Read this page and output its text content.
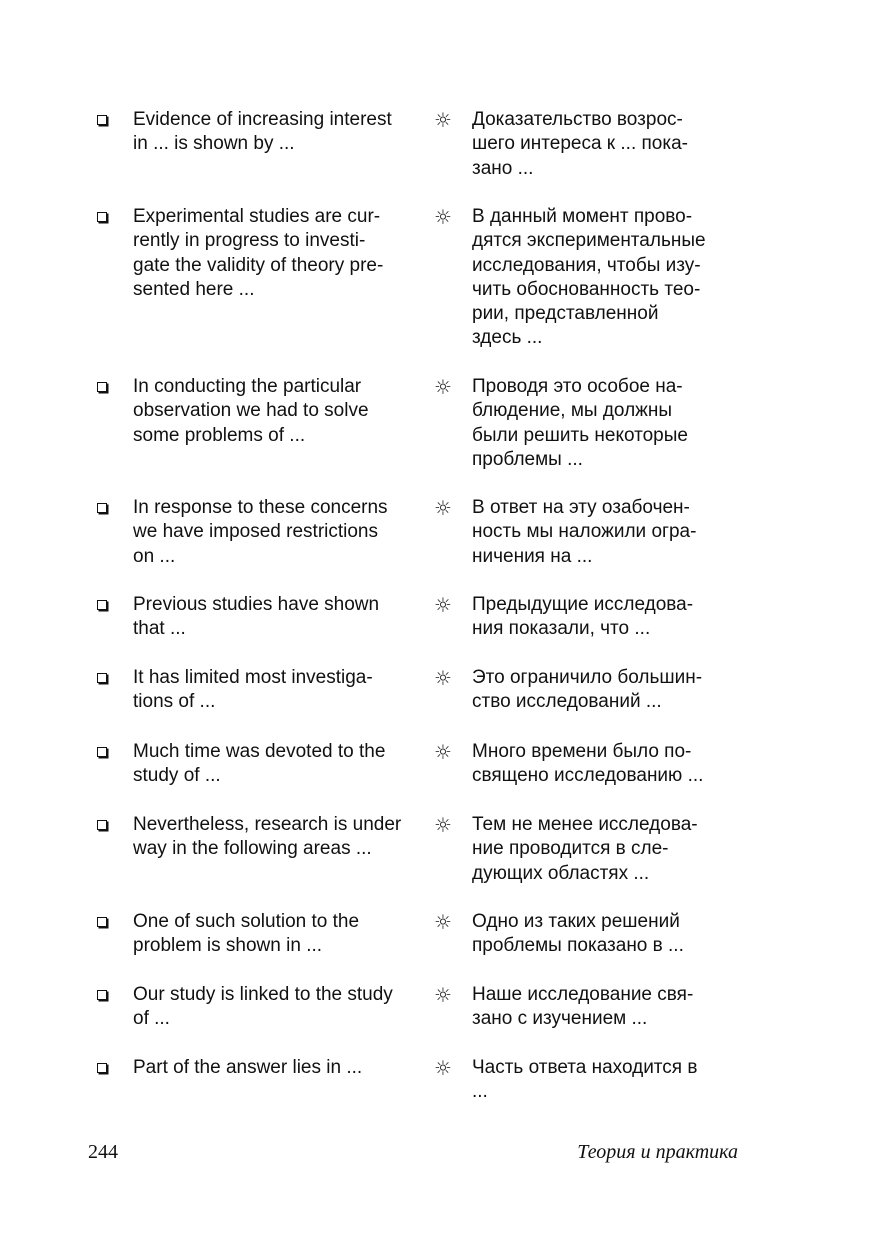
Evidence of increasing interest
in ... is shown by ...
☼ Доказательство возрос-
шего интереса к ... пока-
зано ...
Experimental studies are cur-
rently in progress to investi-
gate the validity of theory pre-
sented here ...
☼ В данный момент прово-
дятся экспериментальные
исследования, чтобы изу-
чить обоснованность тео-
рии, представленной
здесь ...
In conducting the particular
observation we had to solve
some problems of ...
☼ Проводя это особое на-
блюдение, мы должны
были решить некоторые
проблемы ...
In response to these concerns
we have imposed restrictions
on ...
☼ В ответ на эту озабочен-
ность мы наложили огра-
ничения на ...
Previous studies have shown
that ...
☼ Предыдущие исследова-
ния показали, что ...
It has limited most investiga-
tions of ...
☼ Это ограничило большин-
ство исследований ...
Much time was devoted to the
study of ...
☼ Много времени было по-
священо исследованию ...
Nevertheless, research is under
way in the following areas ...
☼ Тем не менее исследова-
ние проводится в сле-
дующих областях ...
One of such solution to the
problem is shown in ...
☼ Одно из таких решений
проблемы показано в ...
Our study is linked to the study
of ...
☼ Наше исследование свя-
зано с изучением ...
Part of the answer lies in ...	☼ Часть ответа находится в
...
244	Теория и практика
